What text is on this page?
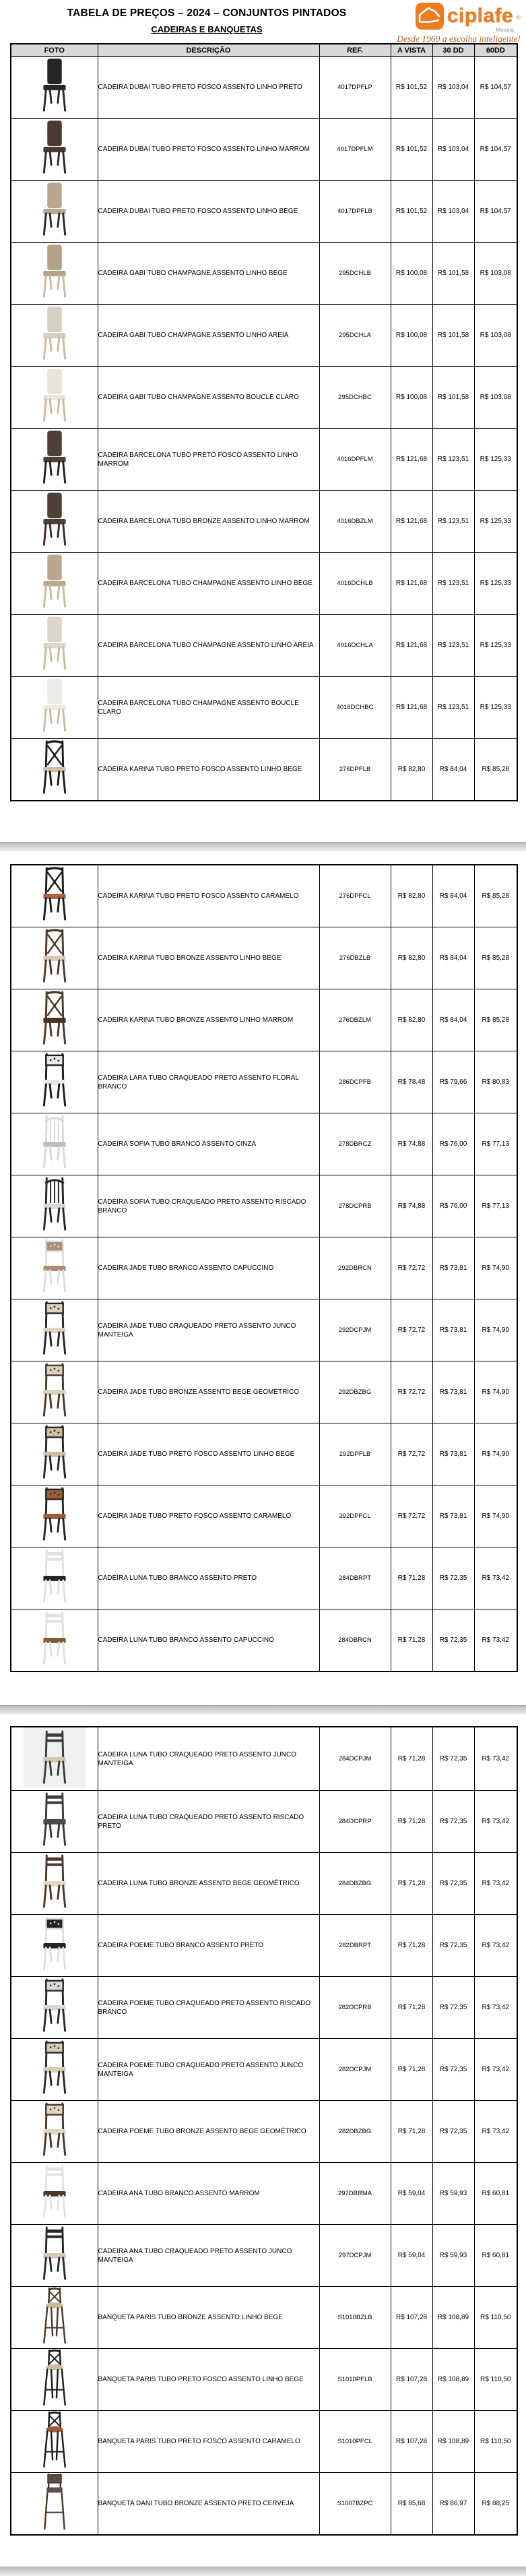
TABELA DE PREÇOS – 2024 – CONJUNTOS PINTADOS
CADEIRAS E BANQUETAS
ciplafe ®
Móveis
Desde 1969 a escolha inteligente!
FOTO	DESCRIÇÃO	REF.	A VISTA	30 DD	60DD
	CADEIRA DUBAI TUBO PRETO FOSCO ASSENTO LINHO PRETO	4017DPFLP	R$ 101,52	R$ 103,04	R$ 104,57
	CADEIRA DUBAI TUBO PRETO FOSCO ASSENTO LINHO MARROM	4017DPFLM	R$ 101,52	R$ 103,04	R$ 104,57
	CADEIRA DUBAI TUBO PRETO FOSCO ASSENTO LINHO BEGE	4017DPFLB	R$ 101,52	R$ 103,04	R$ 104,57
	CADEIRA GABI TUBO CHAMPAGNE ASSENTO LINHO BEGE	295DCHLB	R$ 100,08	R$ 101,58	R$ 103,08
	CADEIRA GABI TUBO CHAMPAGNE ASSENTO LINHO AREIA	295DCHLA	R$ 100,08	R$ 101,58	R$ 103,08
	CADEIRA GABI TUBO CHAMPAGNE ASSENTO BOUCLE CLARO	295DCHBC	R$ 100,08	R$ 101,58	R$ 103,08
	CADEIRA BARCELONA TUBO PRETO FOSCO ASSENTO LINHO MARROM	4016DPFLM	R$ 121,68	R$ 123,51	R$ 125,33
	CADEIRA BARCELONA TUBO BRONZE ASSENTO LINHO MARROM	4016DBZLM	R$ 121,68	R$ 123,51	R$ 125,33
	CADEIRA BARCELONA TUBO CHAMPAGNE ASSENTO LINHO BEGE	4016DCHLB	R$ 121,68	R$ 123,51	R$ 125,33
	CADEIRA BARCELONA TUBO CHAMPAGNE ASSENTO LINHO AREIA	4016DCHLA	R$ 121,68	R$ 123,51	R$ 125,33
	CADEIRA BARCELONA TUBO CHAMPAGNE ASSENTO BOUCLE CLARO	4016DCHBC	R$ 121,68	R$ 123,51	R$ 125,33
	CADEIRA KARINA TUBO PRETO FOSCO ASSENTO LINHO BEGE	276DPFLB	R$ 82,80	R$ 84,04	R$ 85,28
	CADEIRA KARINA TUBO PRETO FOSCO ASSENTO CARAMELO	276DPFCL	R$ 82,80	R$ 84,04	R$ 85,28
	CADEIRA KARINA TUBO BRONZE ASSENTO LINHO BEGE	276DBZLB	R$ 82,80	R$ 84,04	R$ 85,28
	CADEIRA KARINA TUBO BRONZE ASSENTO LINHO MARROM	276DBZLM	R$ 82,80	R$ 84,04	R$ 85,28
	CADEIRA LARA TUBO CRAQUEADO PRETO ASSENTO FLORAL BRANCO	286DCPFB	R$ 78,48	R$ 79,66	R$ 80,83
	CADEIRA SOFIA TUBO BRANCO ASSENTO CINZA	278DBRCZ	R$ 74,88	R$ 76,00	R$ 77,13
	CADEIRA SOFIA TUBO CRAQUEADO PRETO ASSENTO RISCADO BRANCO	278DCPRB	R$ 74,88	R$ 76,00	R$ 77,13
	CADEIRA JADE TUBO BRANCO ASSENTO CAPUCCINO	292DBRCN	R$ 72,72	R$ 73,81	R$ 74,90
	CADEIRA JADE TUBO CRAQUEADO PRETO ASSENTO JUNCO MANTEIGA	292DCPJM	R$ 72,72	R$ 73,81	R$ 74,90
	CADEIRA JADE TUBO BRONZE ASSENTO BEGE GEOMÉTRICO	292DBZBG	R$ 72,72	R$ 73,81	R$ 74,90
	CADEIRA JADE TUBO PRETO FOSCO ASSENTO LINHO BEGE	292DPFLB	R$ 72,72	R$ 73,81	R$ 74,90
	CADEIRA JADE TUBO PRETO FOSCO ASSENTO CARAMELO	292DPFCL	R$ 72,72	R$ 73,81	R$ 74,90
	CADEIRA LUNA TUBO BRANCO ASSENTO PRETO	284DBRPT	R$ 71,28	R$ 72,35	R$ 73,42
	CADEIRA LUNA TUBO BRANCO ASSENTO CAPUCCINO	284DBRCN	R$ 71,28	R$ 72,35	R$ 73,42
	CADEIRA LUNA TUBO CRAQUEADO PRETO ASSENTO JUNCO MANTEIGA	284DCPJM	R$ 71,28	R$ 72,35	R$ 73,42
	CADEIRA LUNA TUBO CRAQUEADO PRETO ASSENTO RISCADO PRETO	284DCPRP	R$ 71,28	R$ 72,35	R$ 73,42
	CADEIRA LUNA TUBO BRONZE ASSENTO BEGE GEOMÉTRICO	284DBZBG	R$ 71,28	R$ 72,35	R$ 73,42
	CADEIRA POEME TUBO BRANCO ASSENTO PRETO	282DBRPT	R$ 71,28	R$ 72,35	R$ 73,42
	CADEIRA POEME TUBO CRAQUEADO PRETO ASSENTO RISCADO BRANCO	282DCPRB	R$ 71,28	R$ 72,35	R$ 73,42
	CADEIRA POEME TUBO CRAQUEADO PRETO ASSENTO JUNCO MANTEIGA	282DCPJM	R$ 71,28	R$ 72,35	R$ 73,42
	CADEIRA POEME TUBO BRONZE ASSENTO BEGE GEOMÉTRICO	282DBZBG	R$ 71,28	R$ 72,35	R$ 73,42
	CADEIRA ANA TUBO BRANCO ASSENTO MARROM	297DBRMA	R$ 59,04	R$ 59,93	R$ 60,81
	CADEIRA ANA TUBO CRAQUEADO PRETO ASSENTO JUNCO MANTEIGA	297DCPJM	R$ 59,04	R$ 59,93	R$ 60,81
	BANQUETA PARIS TUBO BRONZE ASSENTO LINHO BEGE	S1010BZLB	R$ 107,28	R$ 108,89	R$ 110,50
	BANQUETA PARIS TUBO PRETO FOSCO ASSENTO LINHO BEGE	S1010PFLB	R$ 107,28	R$ 108,89	R$ 110,50
	BANQUETA PARIS TUBO PRETO FOSCO ASSENTO CARAMELO	S1010PFCL	R$ 107,28	R$ 108,89	R$ 110,50
	BANQUETA DANI TUBO BRONZE ASSENTO PRETO CERVEJA	S1007BZPC	R$ 85,68	R$ 86,97	R$ 88,25
